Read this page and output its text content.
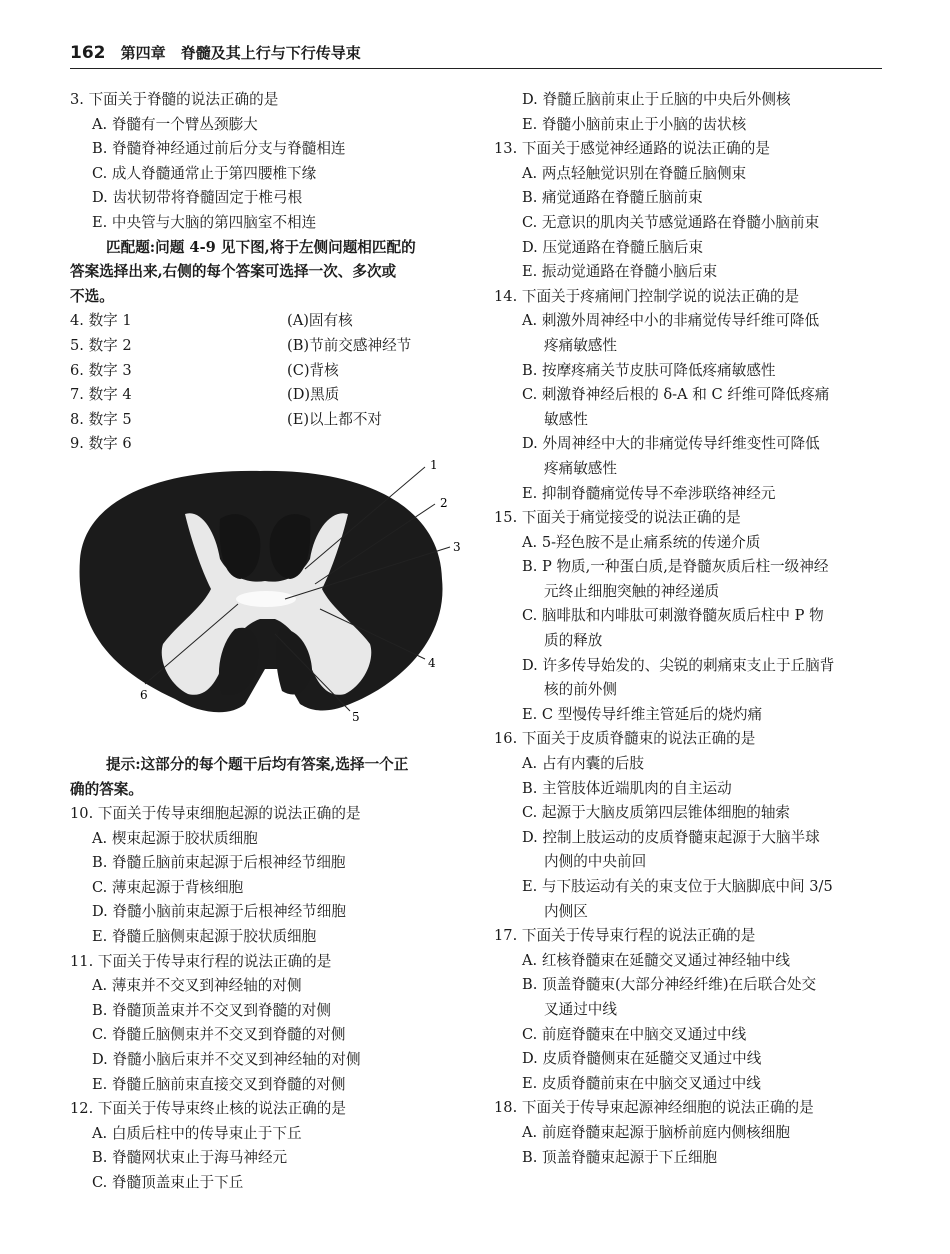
162 第四章 脊髓及其上行与下行传导束
3. 下面关于脊髓的说法正确的是
A. 脊髓有一个臂丛颈膨大
B. 脊髓脊神经通过前后分支与脊髓相连
C. 成人脊髓通常止于第四腰椎下缘
D. 齿状韧带将脊髓固定于椎弓根
E. 中央管与大脑的第四脑室不相连
匹配题:问题 4-9 见下图,将于左侧问题相匹配的
答案选择出来,右侧的每个答案可选择一次、多次或
不选。
4. 数字 1	(A)固有核
5. 数字 2	(B)节前交感神经节
6. 数字 3	(C)背核
7. 数字 4	(D)黑质
8. 数字 5	(E)以上都不对
9. 数字 6
1
2
3
4
5
6
提示:这部分的每个题干后均有答案,选择一个正
确的答案。
10. 下面关于传导束细胞起源的说法正确的是
A. 楔束起源于胶状质细胞
B. 脊髓丘脑前束起源于后根神经节细胞
C. 薄束起源于背核细胞
D. 脊髓小脑前束起源于后根神经节细胞
E. 脊髓丘脑侧束起源于胶状质细胞
11. 下面关于传导束行程的说法正确的是
A. 薄束并不交叉到神经轴的对侧
B. 脊髓顶盖束并不交叉到脊髓的对侧
C. 脊髓丘脑侧束并不交叉到脊髓的对侧
D. 脊髓小脑后束并不交叉到神经轴的对侧
E. 脊髓丘脑前束直接交叉到脊髓的对侧
12. 下面关于传导束终止核的说法正确的是
A. 白质后柱中的传导束止于下丘
B. 脊髓网状束止于海马神经元
C. 脊髓顶盖束止于下丘
D. 脊髓丘脑前束止于丘脑的中央后外侧核
E. 脊髓小脑前束止于小脑的齿状核
13. 下面关于感觉神经通路的说法正确的是
A. 两点轻触觉识别在脊髓丘脑侧束
B. 痛觉通路在脊髓丘脑前束
C. 无意识的肌肉关节感觉通路在脊髓小脑前束
D. 压觉通路在脊髓丘脑后束
E. 振动觉通路在脊髓小脑后束
14. 下面关于疼痛闸门控制学说的说法正确的是
A. 刺激外周神经中小的非痛觉传导纤维可降低
疼痛敏感性
B. 按摩疼痛关节皮肤可降低疼痛敏感性
C. 刺激脊神经后根的 δ-A 和 C 纤维可降低疼痛
敏感性
D. 外周神经中大的非痛觉传导纤维变性可降低
疼痛敏感性
E. 抑制脊髓痛觉传导不牵涉联络神经元
15. 下面关于痛觉接受的说法正确的是
A. 5-羟色胺不是止痛系统的传递介质
B. P 物质,一种蛋白质,是脊髓灰质后柱一级神经
元终止细胞突触的神经递质
C. 脑啡肽和内啡肽可刺激脊髓灰质后柱中 P 物
质的释放
D. 许多传导始发的、尖锐的刺痛束支止于丘脑背
核的前外侧
E. C 型慢传导纤维主管延后的烧灼痛
16. 下面关于皮质脊髓束的说法正确的是
A. 占有内囊的后肢
B. 主管肢体近端肌肉的自主运动
C. 起源于大脑皮质第四层锥体细胞的轴索
D. 控制上肢运动的皮质脊髓束起源于大脑半球
内侧的中央前回
E. 与下肢运动有关的束支位于大脑脚底中间 3/5
内侧区
17. 下面关于传导束行程的说法正确的是
A. 红核脊髓束在延髓交叉通过神经轴中线
B. 顶盖脊髓束(大部分神经纤维)在后联合处交
叉通过中线
C. 前庭脊髓束在中脑交叉通过中线
D. 皮质脊髓侧束在延髓交叉通过中线
E. 皮质脊髓前束在中脑交叉通过中线
18. 下面关于传导束起源神经细胞的说法正确的是
A. 前庭脊髓束起源于脑桥前庭内侧核细胞
B. 顶盖脊髓束起源于下丘细胞
